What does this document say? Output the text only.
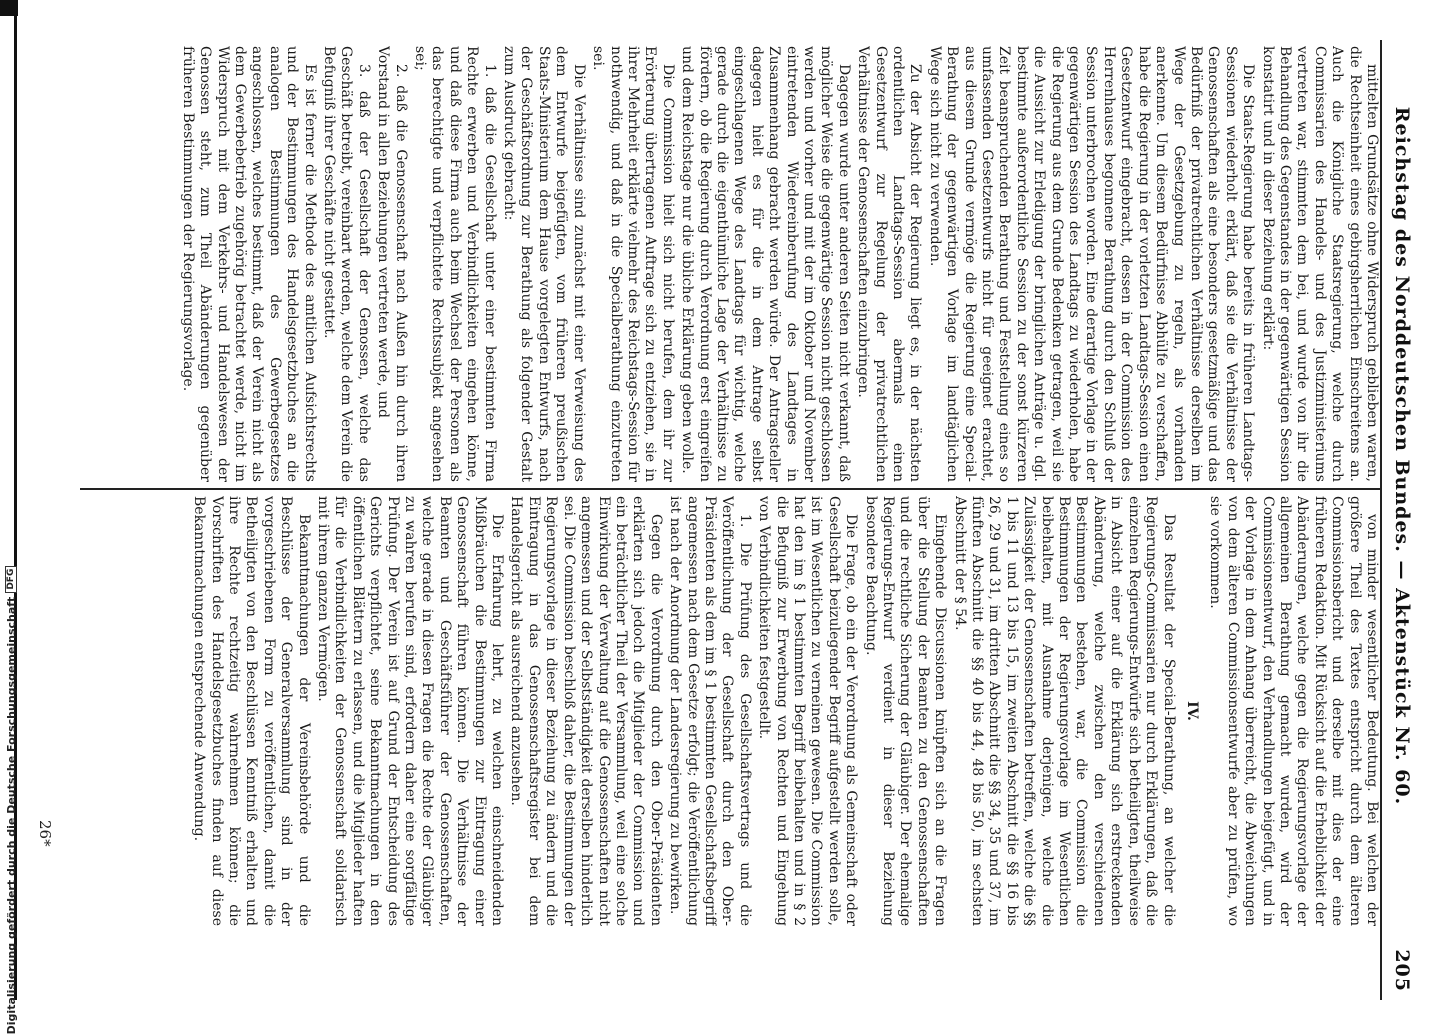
Digitalisierung gefördert durch die Deutsche Forschungsgemeinschaft
DFG
26*
Reichstag des Norddeutschen Bundes. — Aktenstück Nr. 60.
205

mittelten Grundsätze ohne Widerspruch geblieben waren, die Rechtseinheit eines gebirgsherrlichen Einschreitens an. Auch die Königliche Staatsregierung, welche durch Commissarien des Handels- und des Justizministeriums vertreten war, stimmten dem bei, und wurde von ihr die Behandlung des Gegenstandes in der gegenwärtigen Session konstatirt und in dieser Beziehung erklärt:

Die Staats-Regierung habe bereits in früheren Landtags-Sessionen wiederholt erklärt, daß sie die Verhältnisse der Genossenschaften als eine besonders gesetzmäßige und das Bedürfniß der privatrechtlichen Verhältnisse derselben im Wege der Gesetzgebung zu regeln, als vorhanden anerkenne. Um diesem Bedürfnisse Abhülfe zu verschaffen, habe die Regierung in der vorletzten Landtags-Session einen Gesetzentwurf eingebracht, dessen in der Commission des Herrenhauses begonnene Berathung durch den Schluß der Session unterbrochen worden. Eine derartige Vorlage in der gegenwärtigen Session des Landtags zu wiederholen, habe die Regierung aus dem Grunde Bedenken getragen, weil sie die Aussicht zur Erledigung der bringlichen Anträge u. dgl. bestimmte außerordentliche Session zu der sonst kürzeren Zeit beanspruchenden Berathung und Feststellung eines so umfassenden Gesetzentwurfs nicht für geeignet erachtet, aus diesem Grunde vermöge die Regierung eine Special-Berathung der gegenwärtigen Vorlage im landtäglichen Wege sich nicht zu verwenden.

Zu der Absicht der Regierung liegt es, in der nächsten ordentlichen Landtags-Session abermals einen Gesetzentwurf zur Regelung der privatrechtlichen Verhältnisse der Genossenschaften einzubringen.

Dagegen wurde unter anderen Seiten nicht verkannt, daß möglicher Weise die gegenwärtige Session nicht geschlossen werden und vorher und mit der im Oktober und November eintretenden Wiedereinberufung des Landtages in Zusammenhang gebracht werden würde. Der Antragsteller dagegen hielt es für die in dem Antrage selbst eingeschlagenen Wege des Landtags für wichtig, welche gerade durch die eigenthümliche Lage der Verhältnisse zu fördern, ob die Regierung durch Verordnung erst eingreifen und dem Reichstage nur die übliche Erklärung geben wolle.

Die Commission hielt sich nicht berufen, dem ihr zur Erörterung übertragenen Auftrage sich zu entziehen, sie in ihrer Mehrheit erklärte vielmehr des Reichstags-Session für nothwendig, und daß in die Specialberathung einzutreten sei.

Die Verhältnisse sind zunächst mit einer Verweisung des dem Entwurfe beigefügten, vom früheren preußischen Staats-Ministerium dem Hause vorgelegten Entwurfs, nach der Geschäftsordnung zur Berathung als folgender Gestalt zum Ausdruck gebracht:

1. daß die Gesellschaft unter einer bestimmten Firma Rechte erwerben und Verbindlichkeiten eingehen könne, und daß diese Firma auch beim Wechsel der Personen als das berechtigte und verpflichtete Rechtssubjekt angesehen sei;

2. daß die Genossenschaft nach Außen hin durch ihren Vorstand in allen Beziehungen vertreten werde, und

3. daß der Gesellschaft der Genossen, welche das Geschäft betreibt, vereinbart werden, welche dem Verein die Befugniß ihrer Geschäfte nicht gestattet.

Es ist ferner die Methode des amtlichen Aufsichtsrechts und der Bestimmungen des Handelsgesetzbuches an die analogen Bestimmungen des Gewerbegesetzes angeschlossen, welches bestimmt, daß der Verein nicht als dem Gewerbebetrieb zugehörig betrachtet werde, nicht im Widerspruch mit dem Verkehrs- und Handelswesen der Genossen steht, zum Theil Abänderungen gegenüber früheren Bestimmungen der Regierungsvorlage.

von minder wesentlicher Bedeutung. Bei welchen der größere Theil des Textes entspricht durch dem älteren Commissionsbericht und derselbe mit dies der eine früheren Redaktion. Mit Rücksicht auf die Erheblichkeit der Abänderungen, welche gegen die Regierungsvorlage der allgemeinen Berathung gemacht wurden, wird der Commissionsentwurf, den Verhandlungen beigefügt, und in der Vorlage in dem Anhang überreicht, die Abweichungen von dem älteren Commissionsentwurfe aber zu prüfen, wo sie vorkommen.

IV.

Das Resultat der Special-Berathung, an welcher die Regierungs-Commissarien nur durch Erklärungen, daß die einzelnen Regierungs-Entwürfe sich betheiligten, theilweise in Absicht einer auf die Erklärung sich erstreckenden Abänderung, welche zwischen den verschiedenen Bestimmungen bestehen, war, die Commission die Bestimmungen der Regierungsvorlage im Wesentlichen beibehalten, mit Ausnahme derjenigen, welche die Zulässigkeit der Genossenschaften betreffen, welche die §§ 1 bis 11 und 13 bis 15, im zweiten Abschnitt die §§ 16 bis 26, 29 und 31, im dritten Abschnitt die §§ 34, 35 und 37, im fünften Abschnitt die §§ 40 bis 44, 48 bis 50, im sechsten Abschnitt der § 54.

Eingehende Discussionen knüpften sich an die Fragen über die Stellung der Beamten zu den Genossenschaften und die rechtliche Sicherung der Gläubiger. Der ehemalige Regierungs-Entwurf verdient in dieser Beziehung besondere Beachtung.

Die Frage, ob ein der Verordnung als Gemeinschaft oder Gesellschaft beizulegender Begriff aufgestellt werden solle, ist im Wesentlichen zu verneinen gewesen. Die Commission hat den im § 1 bestimmten Begriff beibehalten und in § 2 die Befugniß zur Erwerbung von Rechten und Eingehung von Verbindlichkeiten festgestellt.

1. Die Prüfung des Gesellschaftsvertrags und die Veröffentlichung der Gesellschaft durch den Ober-Präsidenten als dem im § 1 bestimmten Gesellschaftsbegriff angemessen nach dem Gesetze erfolgt; die Veröffentlichung ist nach der Anordnung der Landesregierung zu bewirken.

Gegen die Verordnung durch den Ober-Präsidenten erklärten sich jedoch die Mitglieder der Commission und ein beträchtlicher Theil der Versammlung, weil eine solche Einwirkung der Verwaltung auf die Genossenschaften nicht angemessen und der Selbstständigkeit derselben hinderlich sei. Die Commission beschloß daher, die Bestimmungen der Regierungsvorlage in dieser Beziehung zu ändern und die Eintragung in das Genossenschaftsregister bei dem Handelsgericht als ausreichend anzusehen.

Die Erfahrung lehrt, zu welchen einschneidenden Mißbräuchen die Bestimmungen zur Eintragung einer Genossenschaft führen können. Die Verhältnisse der Beamten und Geschäftsführer der Genossenschaften, welche gerade in diesen Fragen die Rechte der Gläubiger zu wahren berufen sind, erfordern daher eine sorgfältige Prüfung. Der Verein ist auf Grund der Entscheidung des Gerichts verpflichtet, seine Bekanntmachungen in den öffentlichen Blättern zu erlassen, und die Mitglieder haften für die Verbindlichkeiten der Genossenschaft solidarisch mit ihrem ganzen Vermögen.

Bekanntmachungen der Vereinsbehörde und die Beschlüsse der Generalversammlung sind in der vorgeschriebenen Form zu veröffentlichen, damit die Betheiligten von den Beschlüssen Kenntniß erhalten und ihre Rechte rechtzeitig wahrnehmen können; die Vorschriften des Handelsgesetzbuches finden auf diese Bekanntmachungen entsprechende Anwendung.
